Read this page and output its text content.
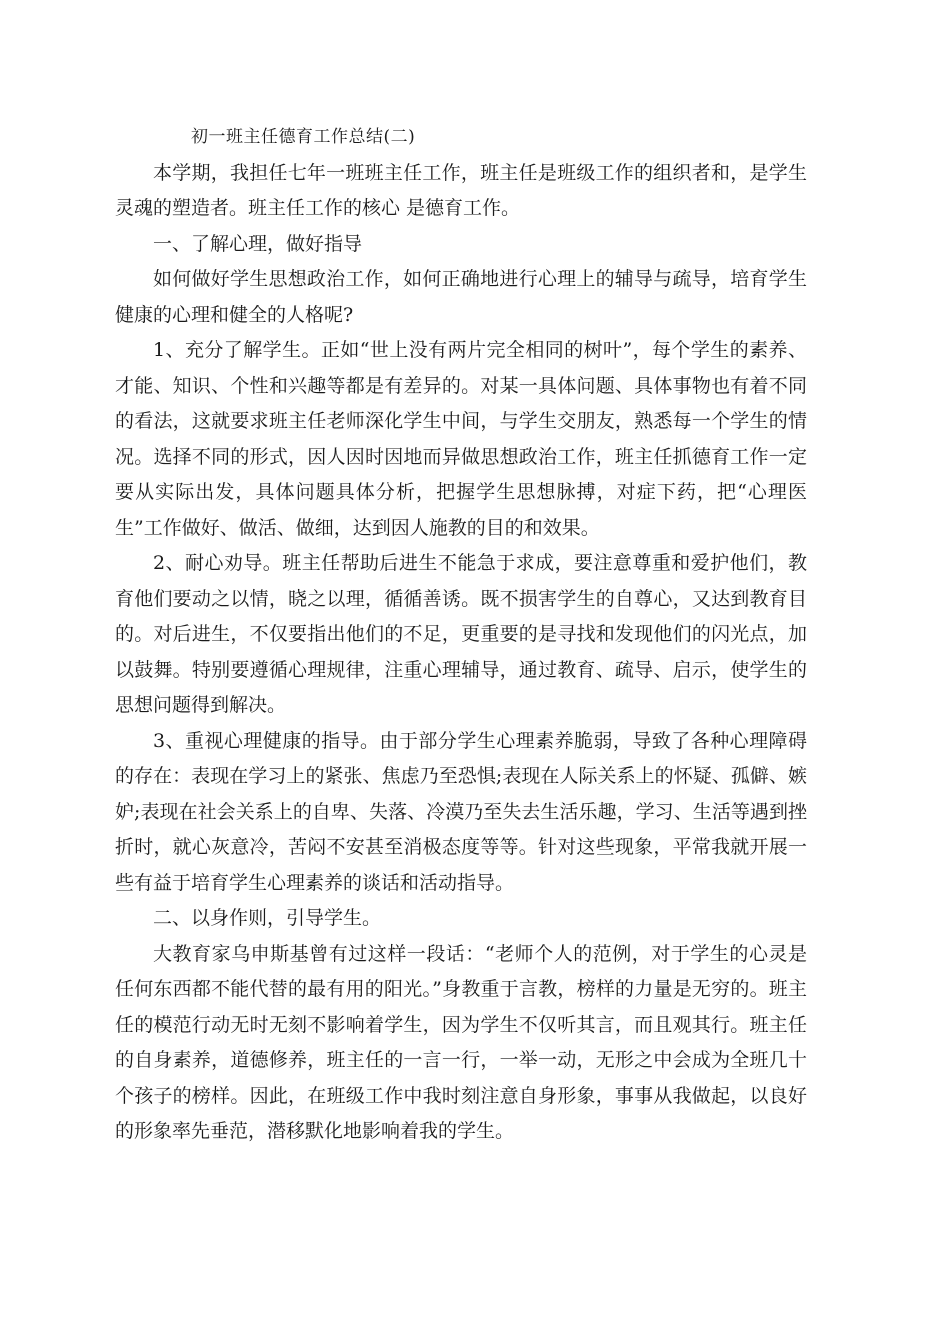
初一班主任德育工作总结(二)

本学期，我担任七年一班班主任工作，班主任是班级工作的组织者和，是学生灵魂的塑造者。班主任工作的核心 是德育工作。

一、了解心理，做好指导

如何做好学生思想政治工作，如何正确地进行心理上的辅导与疏导，培育学生健康的心理和健全的人格呢?

1、充分了解学生。正如“世上没有两片完全相同的树叶”，每个学生的素养、才能、知识、个性和兴趣等都是有差异的。对某一具体问题、具体事物也有着不同的看法，这就要求班主任老师深化学生中间，与学生交朋友，熟悉每一个学生的情况。选择不同的形式，因人因时因地而异做思想政治工作，班主任抓德育工作一定要从实际出发，具体问题具体分析，把握学生思想脉搏，对症下药，把“心理医生”工作做好、做活、做细，达到因人施教的目的和效果。

2、耐心劝导。班主任帮助后进生不能急于求成，要注意尊重和爱护他们，教育他们要动之以情，晓之以理，循循善诱。既不损害学生的自尊心，又达到教育目的。对后进生，不仅要指出他们的不足，更重要的是寻找和发现他们的闪光点，加以鼓舞。特别要遵循心理规律，注重心理辅导，通过教育、疏导、启示，使学生的思想问题得到解决。

3、重视心理健康的指导。由于部分学生心理素养脆弱，导致了各种心理障碍的存在：表现在学习上的紧张、焦虑乃至恐惧;表现在人际关系上的怀疑、孤僻、嫉妒;表现在社会关系上的自卑、失落、冷漠乃至失去生活乐趣，学习、生活等遇到挫折时，就心灰意冷，苦闷不安甚至消极态度等等。针对这些现象，平常我就开展一些有益于培育学生心理素养的谈话和活动指导。

二、以身作则，引导学生。

大教育家乌申斯基曾有过这样一段话：“老师个人的范例，对于学生的心灵是任何东西都不能代替的最有用的阳光。”身教重于言教，榜样的力量是无穷的。班主任的模范行动无时无刻不影响着学生，因为学生不仅听其言，而且观其行。班主任的自身素养，道德修养，班主任的一言一行，一举一动，无形之中会成为全班几十个孩子的榜样。因此，在班级工作中我时刻注意自身形象，事事从我做起，以良好的形象率先垂范，潜移默化地影响着我的学生。
